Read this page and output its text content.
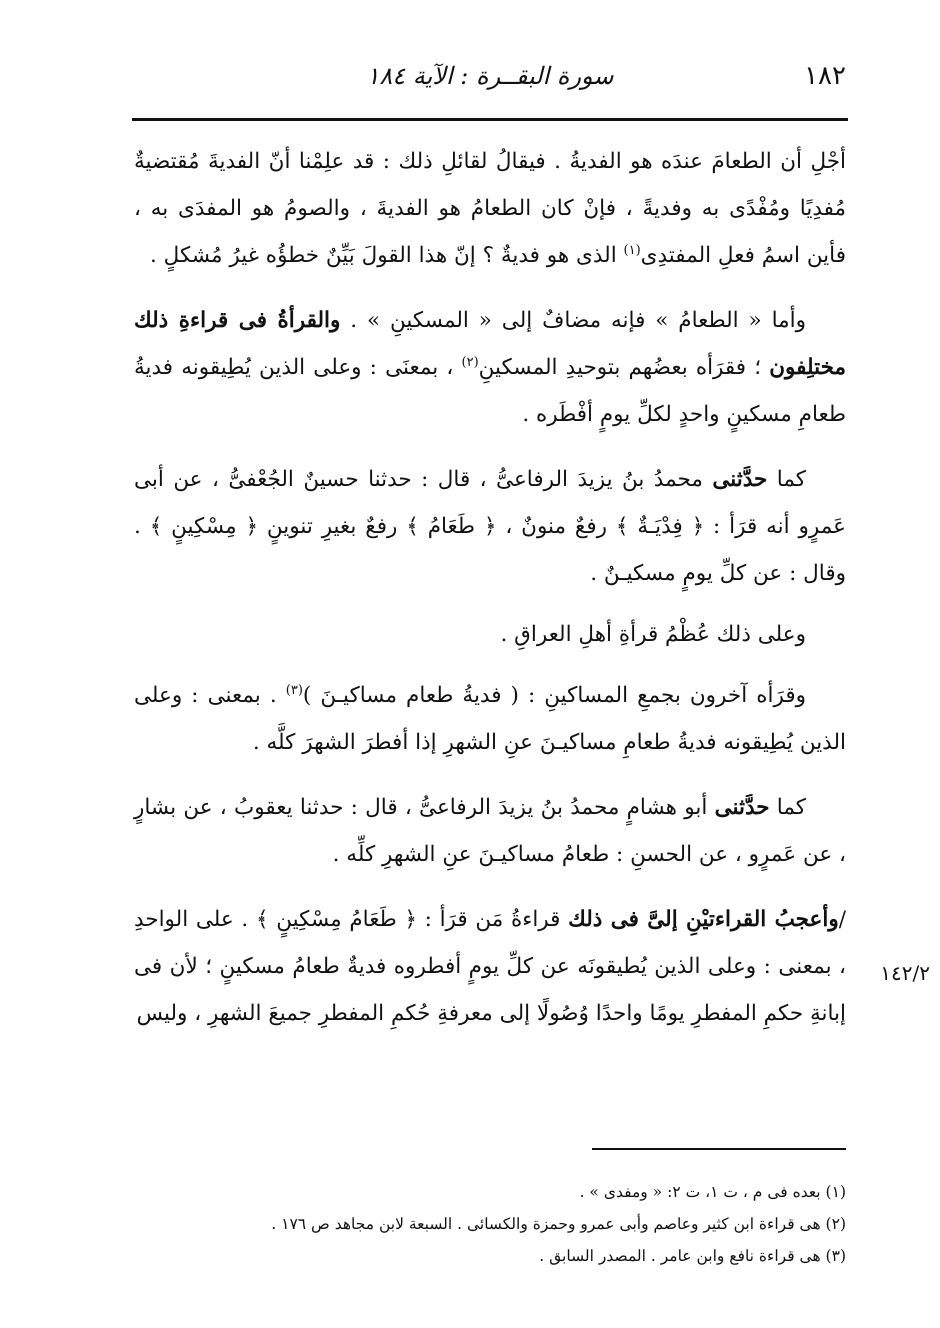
١٨٢
سورة البقــرة : الآية ١٨٤

أجْلِ أن الطعامَ عندَه هو الفديةُ . فيقالُ لقائلِ ذلك : قد علِمْنا أنّ الفديةَ مُقتضيةٌ مُفدِيًا ومُفْدًى به وفديةً ، فإنْ كان الطعامُ هو الفديةَ ، والصومُ هو المفدَى به ، فأين اسمُ فعلِ المفتدِى$^{(١)}$ الذى هو فديةٌ ؟ إنّ هذا القولَ بَيِّنٌ خطؤُه غيرُ مُشكلٍ .

وأما « الطعامُ » فإنه مضافٌ إلى « المسكينِ » . والقرأةُ فى قراءةِ ذلك مختلِفون ؛ فقرَأه بعضُهم بتوحيدِ المسكينِ$^{(٢)}$ ، بمعنَى : وعلى الذين يُطِيقونه فديةُ طعامِ مسكينٍ واحدٍ لكلِّ يومٍ أفْطَره .

كما حدَّثنى محمدُ بنُ يزيدَ الرفاعىُّ ، قال : حدثنا حسينٌ الجُعْفىُّ ، عن أبى عَمرٍو أنه قرَأ : ﴿ فِدْيَـةٌ ﴾ رفعٌ منونٌ ، ﴿ طَعَامُ ﴾ رفعٌ بغيرِ تنوينٍ ﴿ مِسْكِينٍ ﴾ . وقال : عن كلِّ يومٍ مسكيـنٌ .

وعلى ذلك عُظْمُ قرأةِ أهلِ العراقِ .

وقرَأه آخرون بجمعِ المساكينِ : ( فديةُ طعام مساكيـنَ )$^{(٣)}$ . بمعنى : وعلى الذين يُطِيقونه فديةُ طعامِ مساكيـنَ عنِ الشهرِ إذا أفطرَ الشهرَ كلَّه .

كما حدَّثنى أبو هشامٍ محمدُ بنُ يزيدَ الرفاعىُّ ، قال : حدثنا يعقوبُ ، عن بشارٍ ، عن عَمرٍو ، عن الحسنِ : طعامُ مساكيـنَ عنِ الشهرِ كلِّه .

/وأعجبُ القراءتيْنِ إلىَّ فى ذلك قراءةُ مَن قرَأ : ﴿ طَعَامُ مِسْكِينٍ ﴾ . على الواحدِ ، بمعنى : وعلى الذين يُطيقونَه عن كلِّ يومٍ أفطروه فديةٌ طعامُ مسكينٍ ؛ لأن فى إبانةِ حكمِ المفطرِ يومًا واحدًا وُصُولًا إلى معرفةِ حُكمِ المفطرِ جميعَ الشهرِ ، وليس

١٤٢/٢

(١) بعده فى م ، ت ١، ت ٢: « ومفدى » .

(٢) هى قراءة ابن كثير وعاصم وأبى عمرو وحمزة والكسائى . السبعة لابن مجاهد ص ١٧٦ .

(٣) هى قراءة نافع وابن عامر . المصدر السابق .
